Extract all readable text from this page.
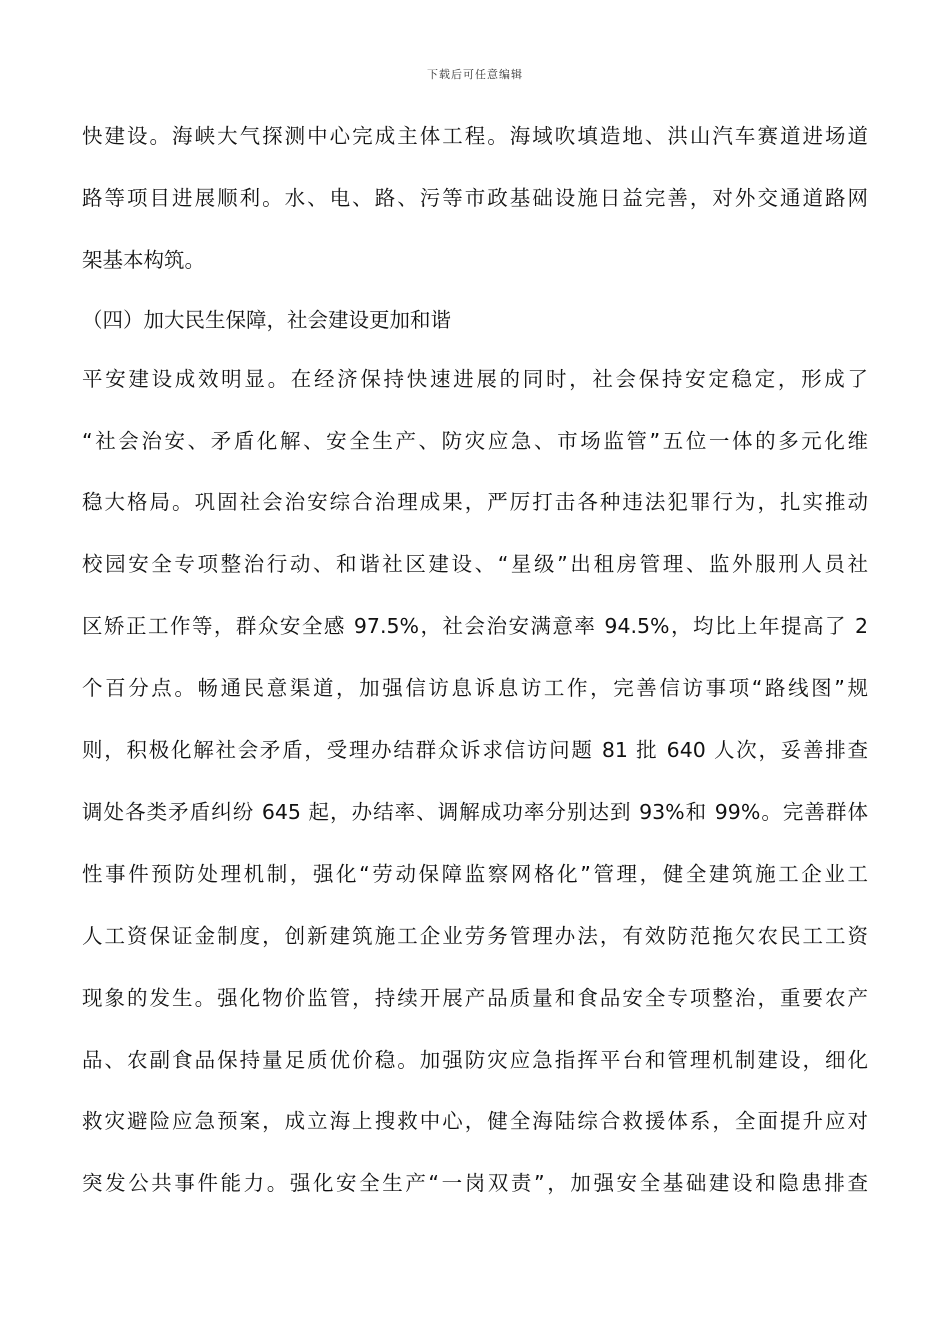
下载后可任意编辑
快建设。海峡大气探测中心完成主体工程。海域吹填造地、洪山汽车赛道进场道
路等项目进展顺利。水、电、路、污等市政基础设施日益完善，对外交通道路网
架基本构筑。
（四）加大民生保障，社会建设更加和谐
平安建设成效明显。在经济保持快速进展的同时，社会保持安定稳定，形成了
“社会治安、矛盾化解、安全生产、防灾应急、市场监管”五位一体的多元化维
稳大格局。巩固社会治安综合治理成果，严厉打击各种违法犯罪行为，扎实推动
校园安全专项整治行动、和谐社区建设、“星级”出租房管理、监外服刑人员社
区矫正工作等，群众安全感 97.5%，社会治安满意率 94.5%，均比上年提高了 2
个百分点。畅通民意渠道，加强信访息诉息访工作，完善信访事项“路线图”规
则，积极化解社会矛盾，受理办结群众诉求信访问题 81 批 640 人次，妥善排查
调处各类矛盾纠纷 645 起，办结率、调解成功率分别达到 93%和 99%。完善群体
性事件预防处理机制，强化“劳动保障监察网格化”管理，健全建筑施工企业工
人工资保证金制度，创新建筑施工企业劳务管理办法，有效防范拖欠农民工工资
现象的发生。强化物价监管，持续开展产品质量和食品安全专项整治，重要农产
品、农副食品保持量足质优价稳。加强防灾应急指挥平台和管理机制建设，细化
救灾避险应急预案，成立海上搜救中心，健全海陆综合救援体系，全面提升应对
突发公共事件能力。强化安全生产“一岗双责”，加强安全基础建设和隐患排查
